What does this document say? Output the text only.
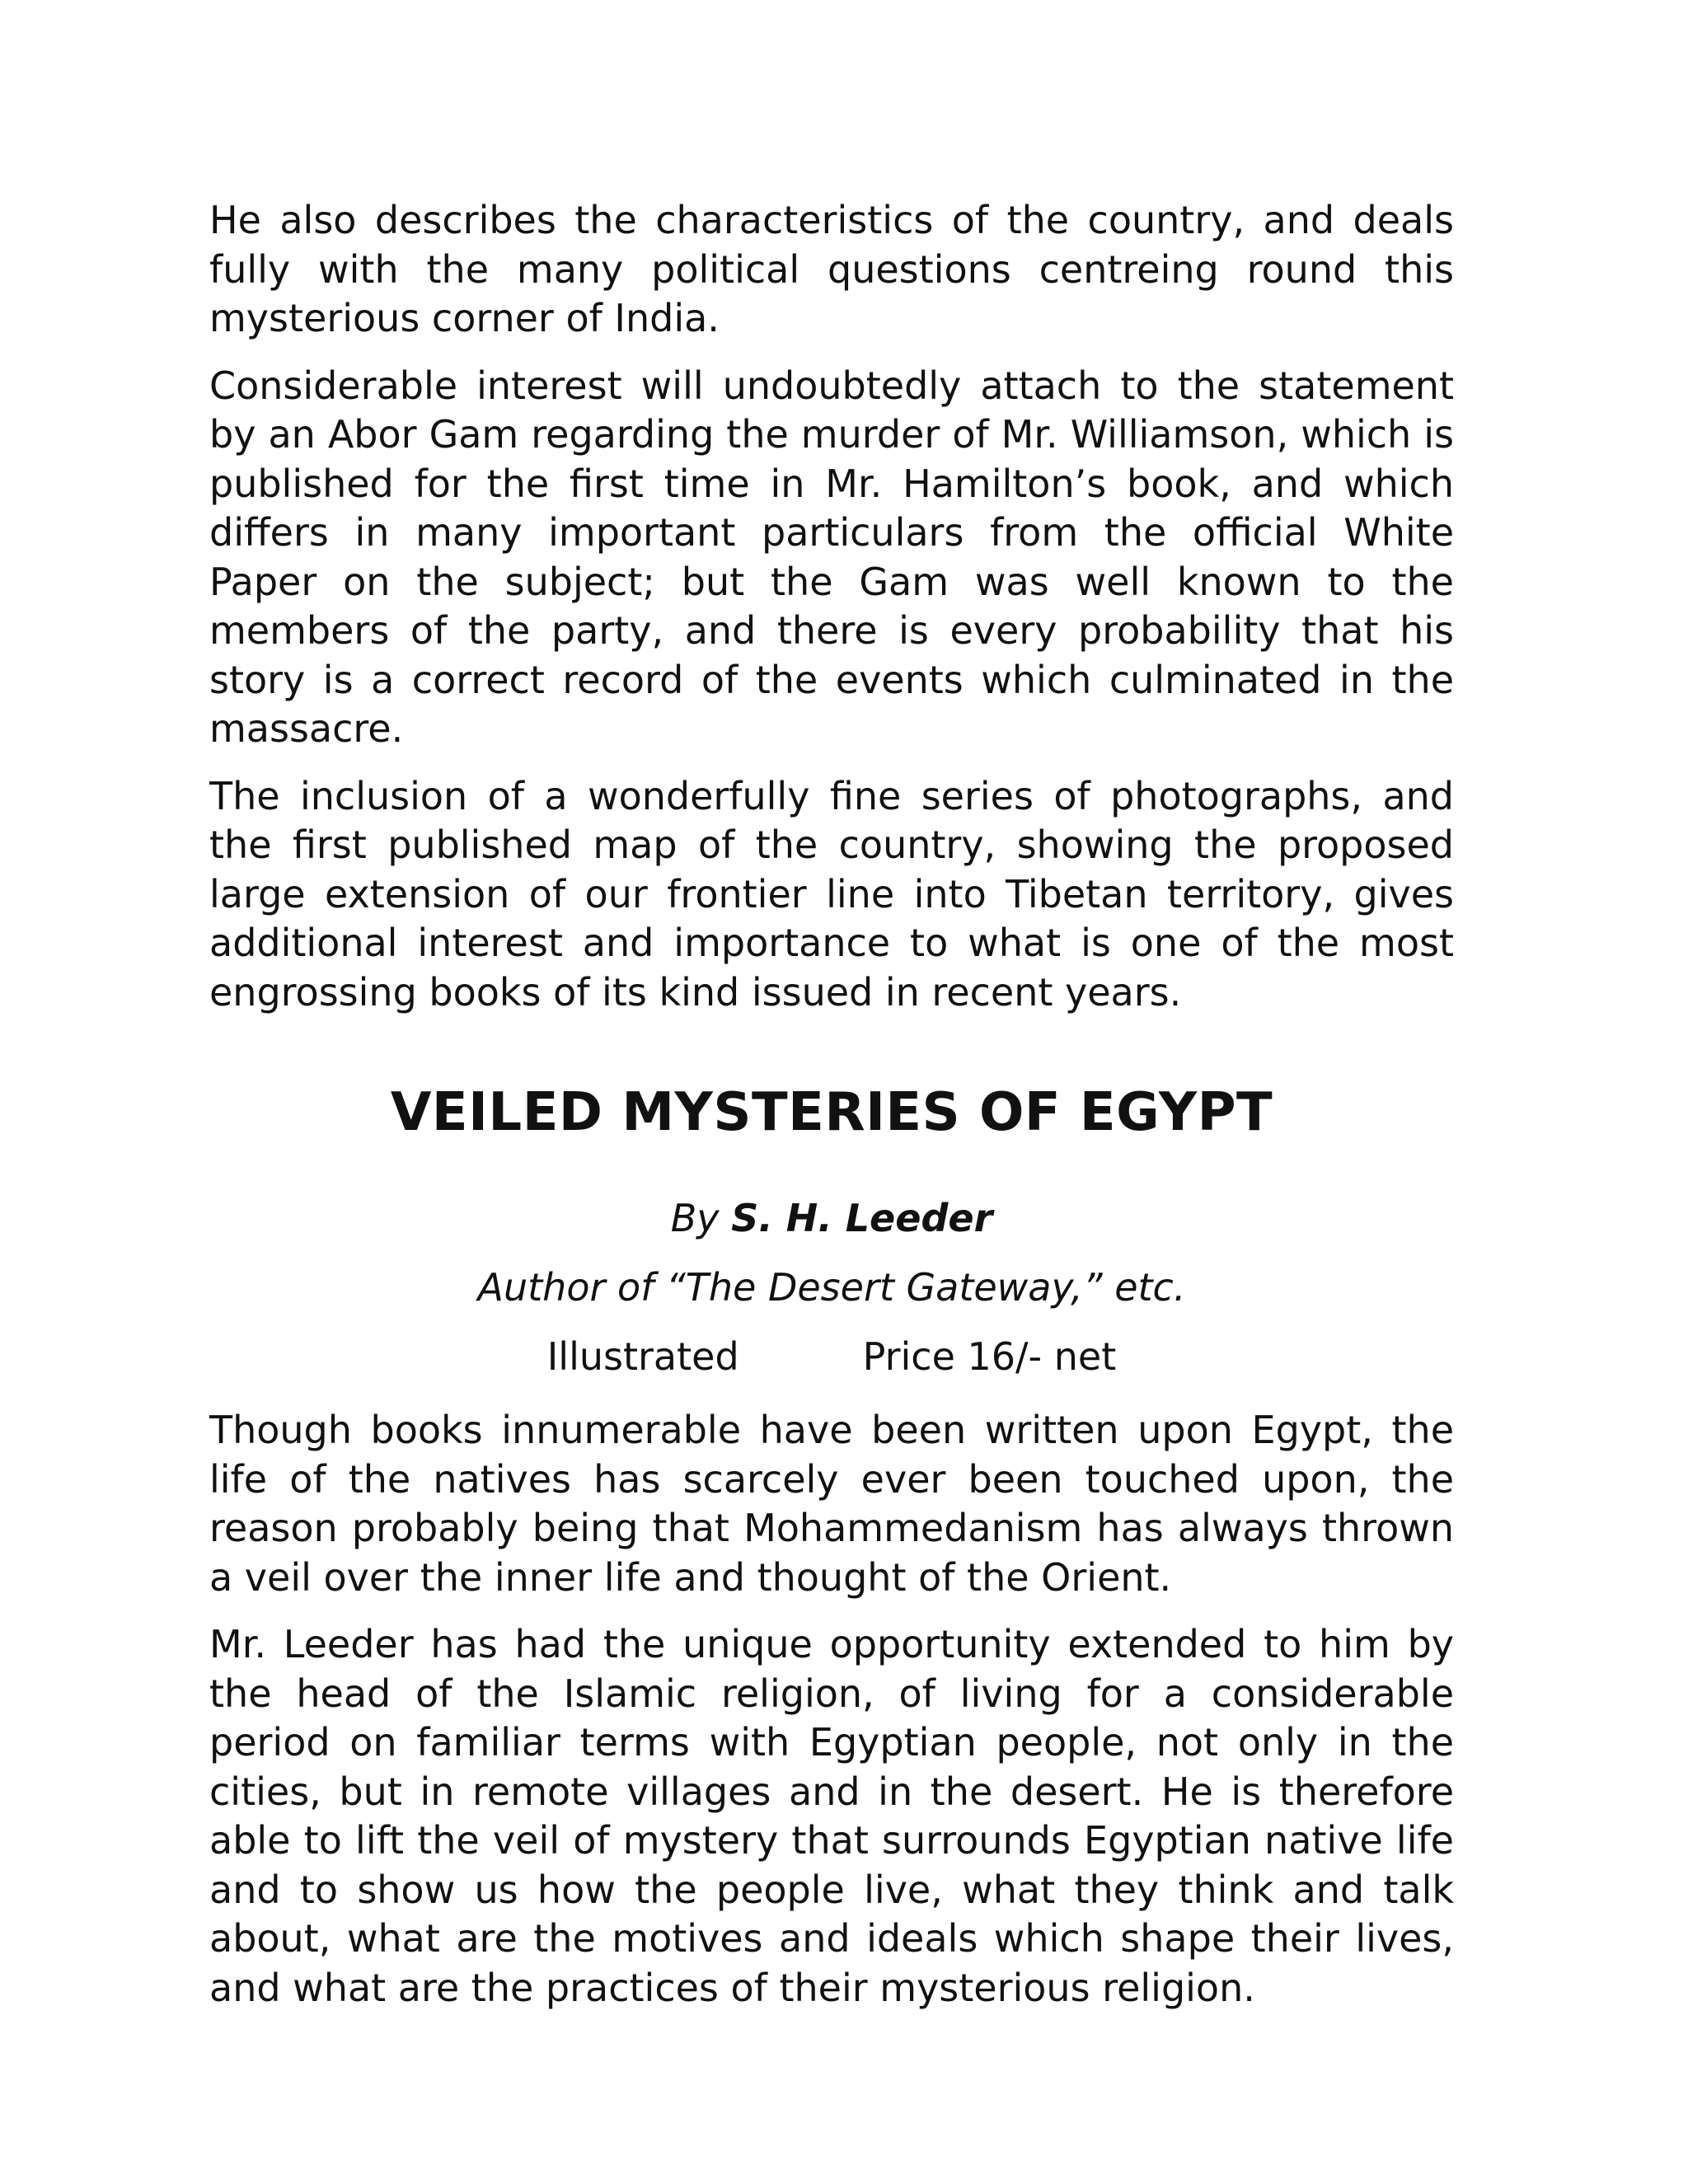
He also describes the characteristics of the country, and deals fully with the many political questions centreing round this mysterious corner of India.

Considerable interest will undoubtedly attach to the statement by an Abor Gam regarding the murder of Mr. Williamson, which is published for the first time in Mr. Hamilton’s book, and which differs in many important particulars from the official White Paper on the subject; but the Gam was well known to the members of the party, and there is every probability that his story is a correct record of the events which culminated in the massacre.

The inclusion of a wonderfully fine series of photographs, and the first published map of the country, showing the proposed large extension of our frontier line into Tibetan territory, gives additional interest and importance to what is one of the most engrossing books of its kind issued in recent years.

VEILED MYSTERIES OF EGYPT
By S. H. Leeder
Author of “The Desert Gateway,” etc.
Illustrated	Price 16/- net

Though books innumerable have been written upon Egypt, the life of the natives has scarcely ever been touched upon, the reason probably being that Mohammedanism has always thrown a veil over the inner life and thought of the Orient.

Mr. Leeder has had the unique opportunity extended to him by the head of the Islamic religion, of living for a considerable period on familiar terms with Egyptian people, not only in the cities, but in remote villages and in the desert. He is therefore able to lift the veil of mystery that surrounds Egyptian native life and to show us how the people live, what they think and talk about, what are the motives and ideals which shape their lives, and what are the practices of their mysterious religion.
